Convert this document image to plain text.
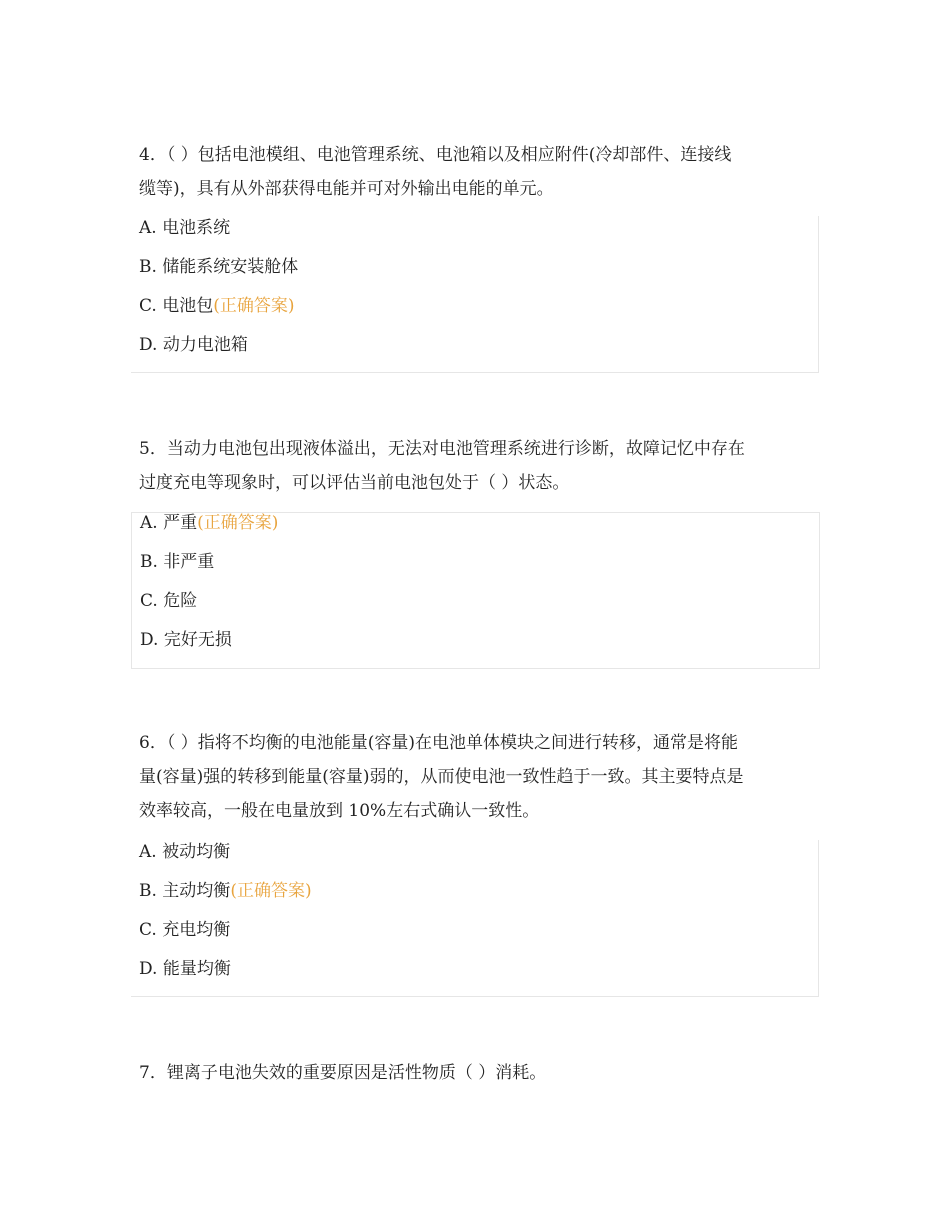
4．（ ）包括电池模组、电池管理系统、电池箱以及相应附件(冷却部件、连接线
缆等)，具有从外部获得电能并可对外输出电能的单元。

A. 电池系统
B. 储能系统安装舱体
C. 电池包(正确答案)
D. 动力电池箱

5．当动力电池包出现液体溢出，无法对电池管理系统进行诊断，故障记忆中存在
过度充电等现象时，可以评估当前电池包处于（ ）状态。

A. 严重(正确答案)
B. 非严重
C. 危险
D. 完好无损

6．（ ）指将不均衡的电池能量(容量)在电池单体模块之间进行转移，通常是将能
量(容量)强的转移到能量(容量)弱的，从而使电池一致性趋于一致。其主要特点是
效率较高，一般在电量放到 10%左右式确认一致性。

A. 被动均衡
B. 主动均衡(正确答案)
C. 充电均衡
D. 能量均衡

7．锂离子电池失效的重要原因是活性物质（ ）消耗。
